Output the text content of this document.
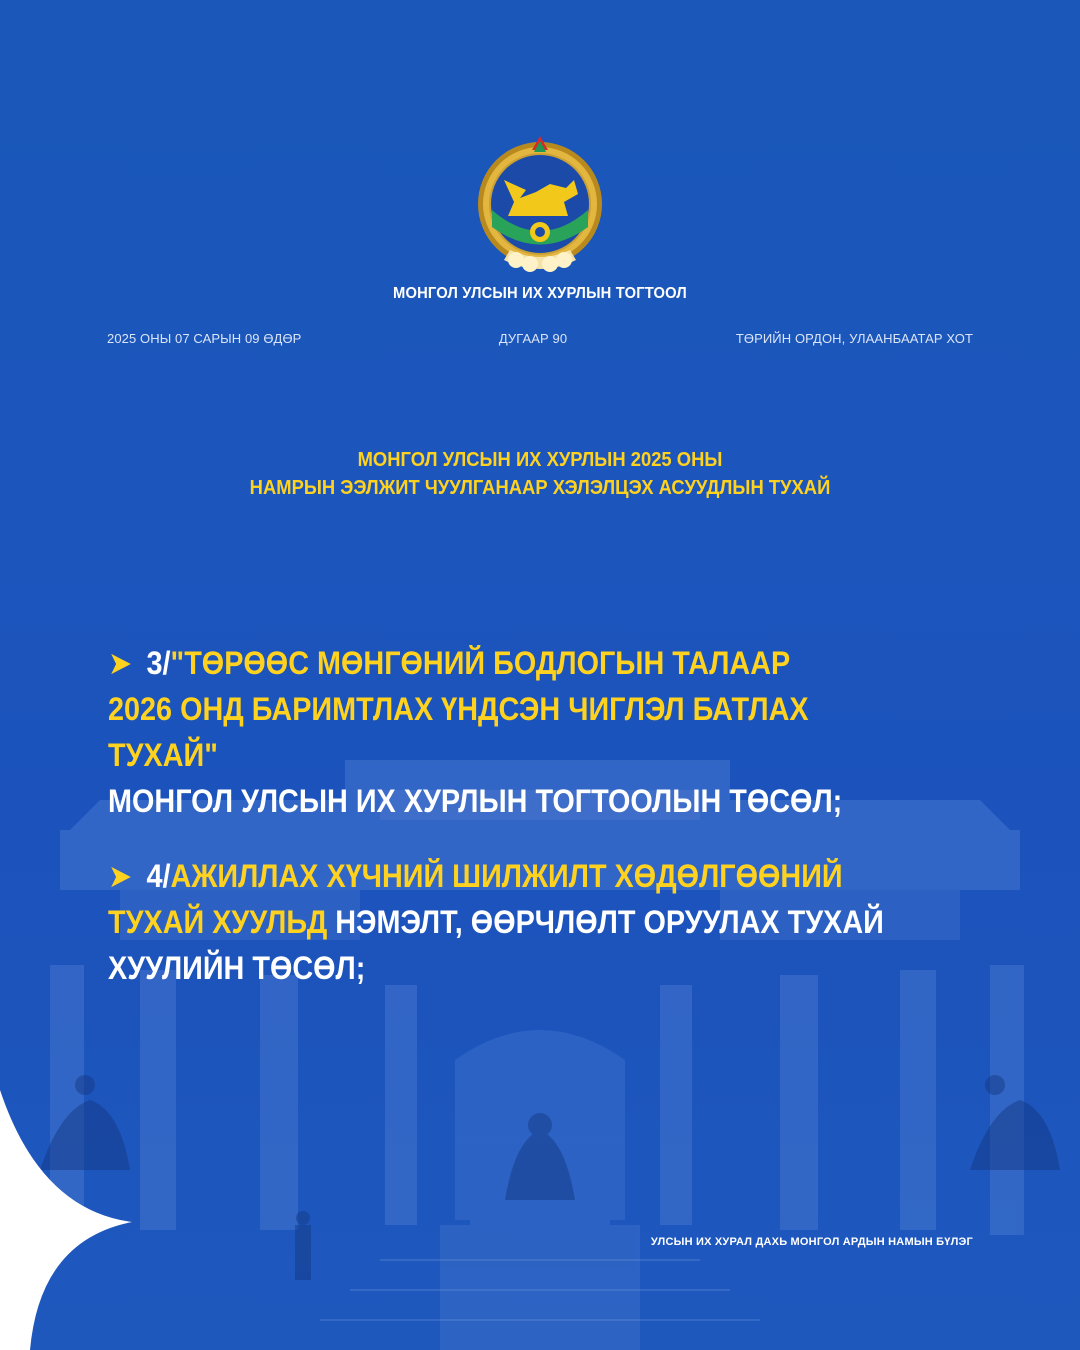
МОНГОЛ УЛСЫН ИХ ХУРЛЫН ТОГТООЛ
2025 ОНЫ 07 САРЫН 09 ӨДӨР	ДУГААР 90	ТӨРИЙН ОРДОН, УЛААНБААТАР ХОТ
МОНГОЛ УЛСЫН ИХ ХУРЛЫН 2025 ОНЫ
НАМРЫН ЭЭЛЖИТ ЧУУЛГАНААР ХЭЛЭЛЦЭХ АСУУДЛЫН ТУХАЙ
➤ 3/"ТӨРӨӨС МӨНГӨНИЙ БОДЛОГЫН ТАЛААР
2026 ОНД БАРИМТЛАХ ҮНДСЭН ЧИГЛЭЛ БАТЛАХ ТУХАЙ"
МОНГОЛ УЛСЫН ИХ ХУРЛЫН ТОГТООЛЫН ТӨСӨЛ;
➤ 4/АЖИЛЛАХ ХҮЧНИЙ ШИЛЖИЛТ ХӨДӨЛГӨӨНИЙ
ТУХАЙ ХУУЛЬД НЭМЭЛТ, ӨӨРЧЛӨЛТ ОРУУЛАХ ТУХАЙ
ХУУЛИЙН ТӨСӨЛ;
УЛСЫН ИХ ХУРАЛ ДАХЬ МОНГОЛ АРДЫН НАМЫН БҮЛЭГ
